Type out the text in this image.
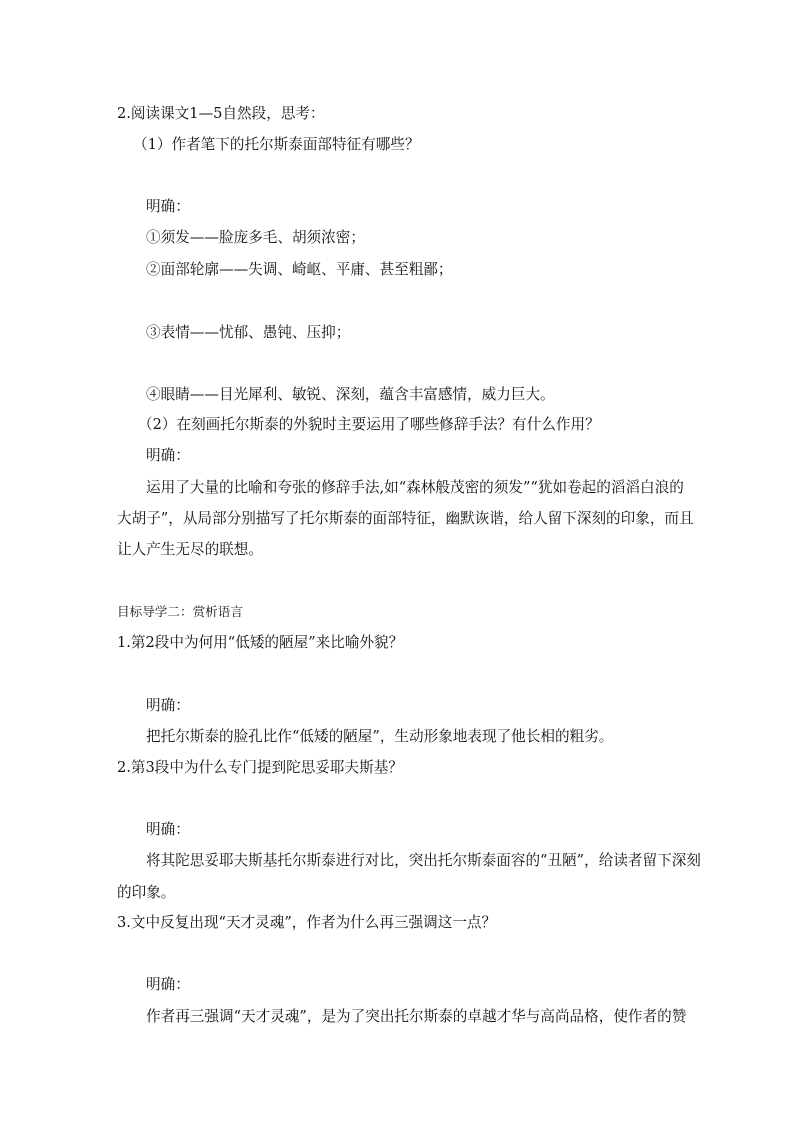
2.阅读课文1—5自然段，思考：
（1）作者笔下的托尔斯泰面部特征有哪些？
明确：
①须发——脸庞多毛、胡须浓密；
②面部轮廓——失调、崎岖、平庸、甚至粗鄙；
③表情——忧郁、愚钝、压抑；
④眼睛——目光犀利、敏锐、深刻，蕴含丰富感情，威力巨大。
（2）在刻画托尔斯泰的外貌时主要运用了哪些修辞手法？有什么作用？
明确：
运用了大量的比喻和夸张的修辞手法,如“森林般茂密的须发”“犹如卷起的滔滔白浪的
大胡子”，从局部分别描写了托尔斯泰的面部特征，幽默诙谐，给人留下深刻的印象，而且
让人产生无尽的联想。
目标导学二：赏析语言
1.第2段中为何用“低矮的陋屋”来比喻外貌？
明确：
把托尔斯泰的脸孔比作“低矮的陋屋”，生动形象地表现了他长相的粗劣。
2.第3段中为什么专门提到陀思妥耶夫斯基？
明确：
将其陀思妥耶夫斯基托尔斯泰进行对比，突出托尔斯泰面容的“丑陋”，给读者留下深刻
的印象。
3.文中反复出现“天才灵魂”，作者为什么再三强调这一点？
明确：
作者再三强调“天才灵魂”，是为了突出托尔斯泰的卓越才华与高尚品格，使作者的赞
